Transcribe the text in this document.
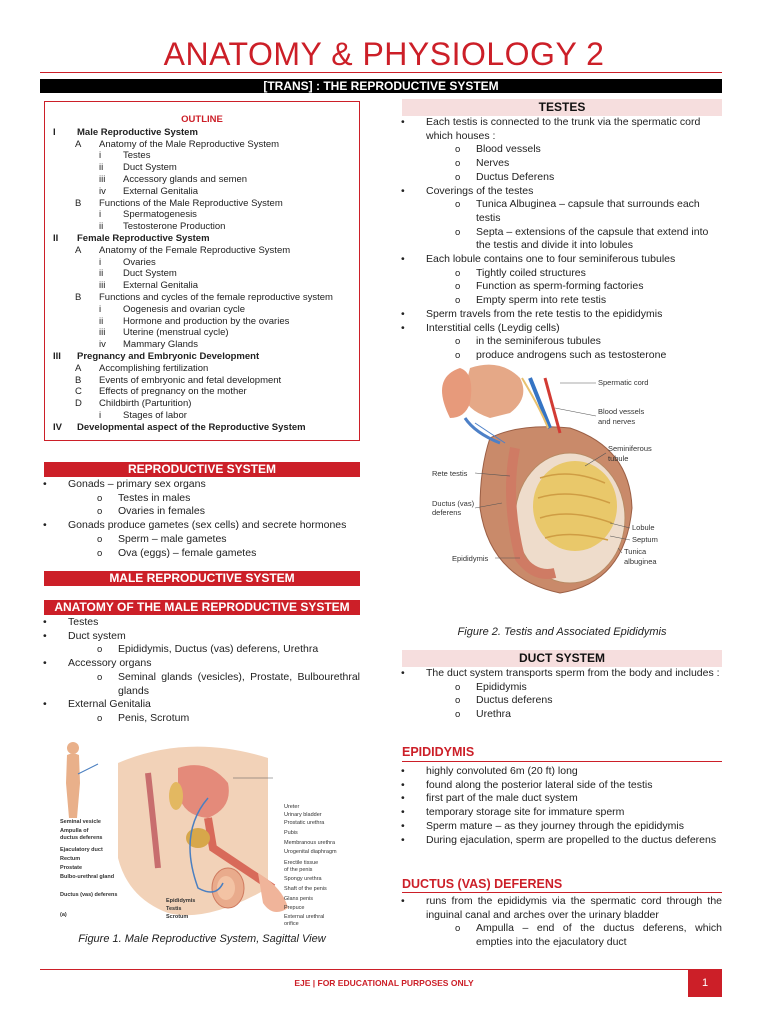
ANATOMY & PHYSIOLOGY 2
[TRANS] : THE REPRODUCTIVE SYSTEM
OUTLINE
I	Male Reproductive System
A	Anatomy of the Male Reproductive System
i	Testes
ii	Duct System
iii	Accessory glands and semen
iv	External Genitalia
B	Functions of the Male Reproductive System
i	Spermatogenesis
ii	Testosterone Production
II	Female Reproductive System
A	Anatomy of the Female Reproductive System
i	Ovaries
ii	Duct System
iii	External Genitalia
B	Functions and cycles of the female reproductive system
i	Oogenesis and ovarian cycle
ii	Hormone and production by the ovaries
iii	Uterine (menstrual cycle)
iv	Mammary Glands
III	Pregnancy and Embryonic Development
A	Accomplishing fertilization
B	Events of embryonic and fetal development
C	Effects of pregnancy on the mother
D	Childbirth (Parturition)
i	Stages of labor
IV	Developmental aspect of the Reproductive System
REPRODUCTIVE SYSTEM
• Gonads – primary sex organs
o Testes in males
o Ovaries in females
• Gonads produce gametes (sex cells) and secrete hormones
o Sperm – male gametes
o Ova (eggs) – female gametes
MALE REPRODUCTIVE SYSTEM
ANATOMY OF THE MALE REPRODUCTIVE SYSTEM
• Testes
• Duct system
o Epididymis, Ductus (vas) deferens, Urethra
• Accessory organs
o Seminal glands (vesicles), Prostate, Bulbourethral glands
• External Genitalia
o Penis, Scrotum
Seminal vesicle
Ampulla of
ductus deferens
Ejaculatory duct
Rectum
Prostate
Bulbo-urethral gland
Ductus (vas) deferens
(a)
Ureter
Urinary bladder
Prostatic urethra
Pubis
Membranous urethra
Urogenital diaphragm
Erectile tissue
of the penis
Spongy urethra
Shaft of the penis
Glans penis
Prepuce
External urethral
orifice
Epididymis
Testis
Scrotum
Figure 1. Male Reproductive System, Sagittal View
TESTES
• Each testis is connected to the trunk via the spermatic cord which houses :
o Blood vessels
o Nerves
o Ductus Deferens
• Coverings of the testes
o Tunica Albuginea – capsule that surrounds each testis
o Septa – extensions of the capsule that extend into the testis and divide it into lobules
• Each lobule contains one to four seminiferous tubules
o Tightly coiled structures
o Function as sperm-forming factories
o Empty sperm into rete testis
• Sperm travels from the rete testis to the epididymis
• Interstitial cells (Leydig cells)
o in the seminiferous tubules
o produce androgens such as testosterone
Spermatic cord
Blood vessels
and nerves
Seminiferous
tubule
Rete testis
Ductus (vas)
deferens
Lobule
Septum
Tunica
albuginea
Epididymis
Figure 2. Testis and Associated Epididymis
DUCT SYSTEM
• The duct system transports sperm from the body and includes :
o Epididymis
o Ductus deferens
o Urethra
EPIDIDYMIS
• highly convoluted 6m (20 ft) long
• found along the posterior lateral side of the testis
• first part of the male duct system
• temporary storage site for immature sperm
• Sperm mature – as they journey through the epididymis
• During ejaculation, sperm are propelled to the ductus deferens
DUCTUS (VAS) DEFERENS
• runs from the epididymis via the spermatic cord through the inguinal canal and arches over the urinary bladder
o Ampulla – end of the ductus deferens, which empties into the ejaculatory duct
EJE | FOR EDUCATIONAL PURPOSES ONLY	1
